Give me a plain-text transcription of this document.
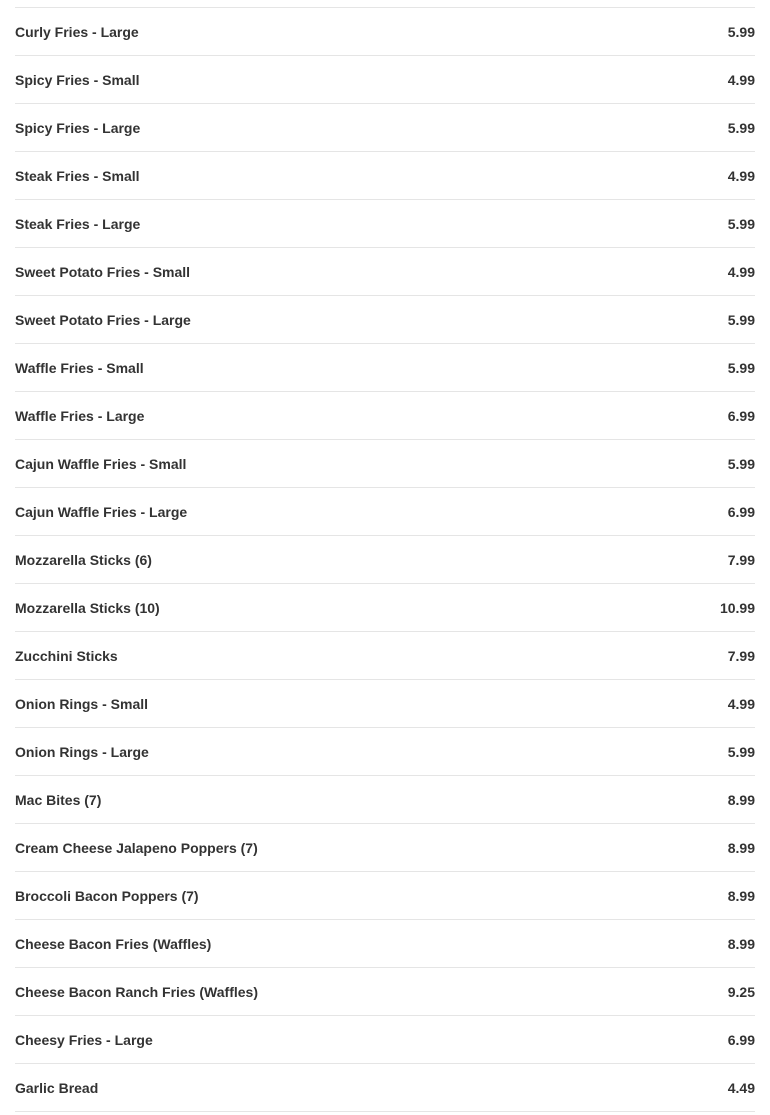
Curly Fries - Large	5.99
Spicy Fries - Small	4.99
Spicy Fries - Large	5.99
Steak Fries - Small	4.99
Steak Fries - Large	5.99
Sweet Potato Fries - Small	4.99
Sweet Potato Fries - Large	5.99
Waffle Fries - Small	5.99
Waffle Fries - Large	6.99
Cajun Waffle Fries - Small	5.99
Cajun Waffle Fries - Large	6.99
Mozzarella Sticks (6)	7.99
Mozzarella Sticks (10)	10.99
Zucchini Sticks	7.99
Onion Rings - Small	4.99
Onion Rings - Large	5.99
Mac Bites (7)	8.99
Cream Cheese Jalapeno Poppers (7)	8.99
Broccoli Bacon Poppers (7)	8.99
Cheese Bacon Fries (Waffles)	8.99
Cheese Bacon Ranch Fries (Waffles)	9.25
Cheesy Fries - Large	6.99
Garlic Bread	4.49
